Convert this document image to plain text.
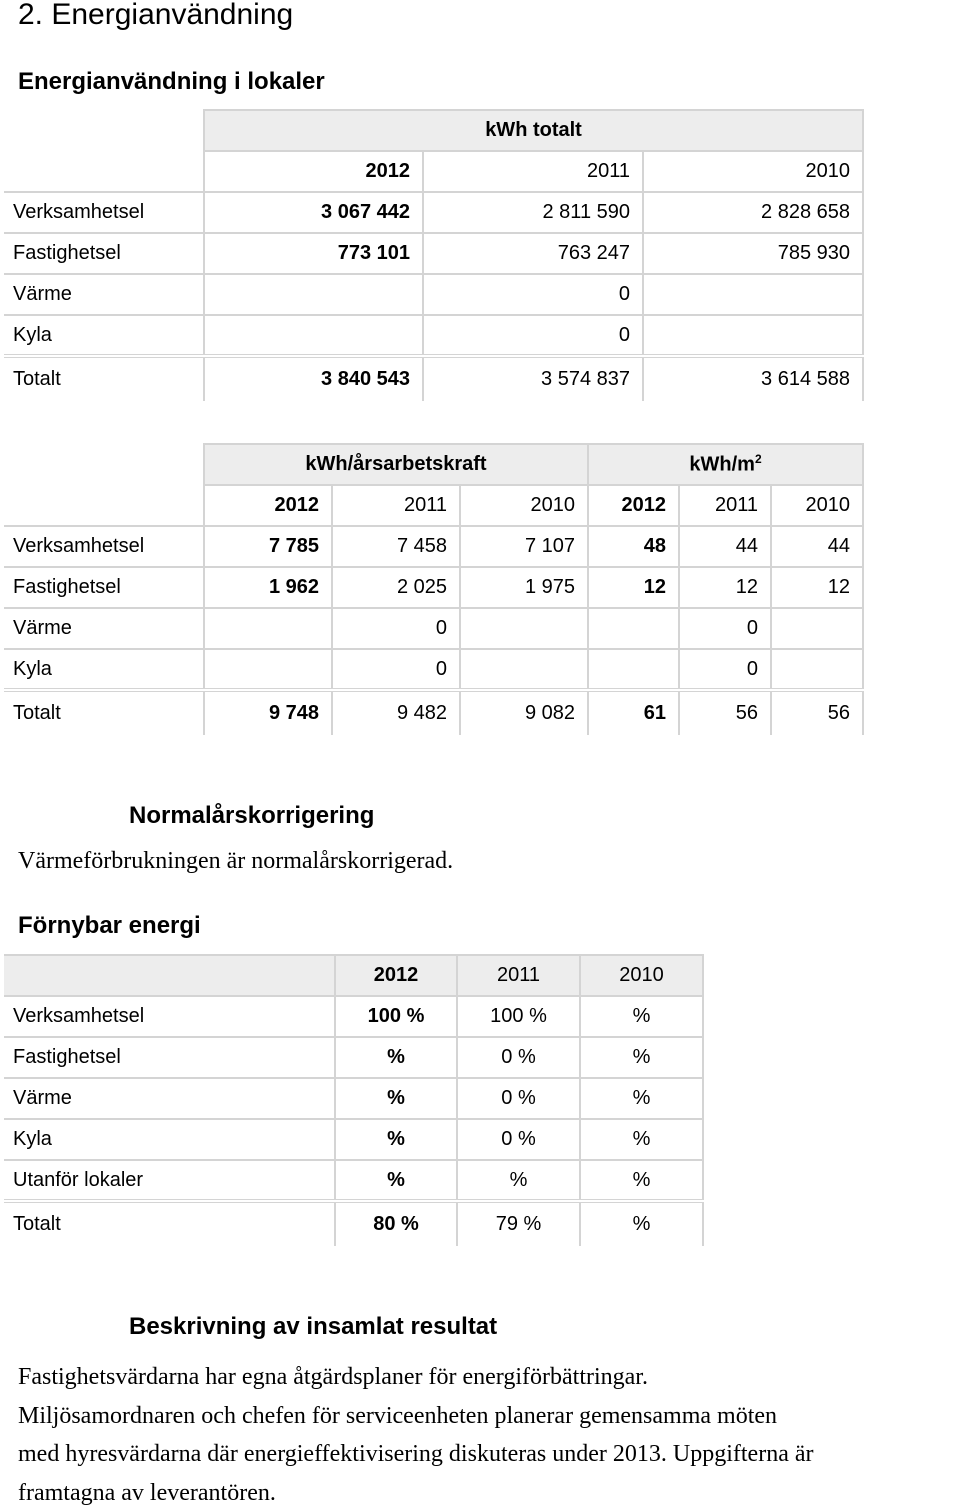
2. Energianvändning
Energianvändning i lokaler
	kWh totalt		
	2012	2011	2010
Verksamhetsel	3 067 442	2 811 590	2 828 658
Fastighetsel	773 101	763 247	785 930
Värme		0	
Kyla		0	
Totalt	3 840 543	3 574 837	3 614 588
	kWh/årsarbetskraft			kWh/$m^2$
	2012	2011	2010	2012	2011	2010
Verksamhetsel	7 785	7 458	7 107	48	44	44
Fastighetsel	1 962	2 025	1 975	12	12	12
Värme		0			0	
Kyla		0			0	
Totalt	9 748	9 482	9 082	61	56	56
Normalårskorrigering
Värmeförbrukningen är normalårskorrigerad.
Förnybar energi
	2012	2011	2010
Verksamhetsel	100 %	100 %	%
Fastighetsel	%	0 %	%
Värme	%	0 %	%
Kyla	%	0 %	%
Utanför lokaler	%	%	%
Totalt	80 %	79 %	%
Beskrivning av insamlat resultat
Fastighetsvärdarna har egna åtgärdsplaner för energiförbättringar.
Miljösamordnaren och chefen för serviceenheten planerar gemensamma möten
med hyresvärdarna där energieffektivisering diskuteras under 2013. Uppgifterna är
framtagna av leverantören.
